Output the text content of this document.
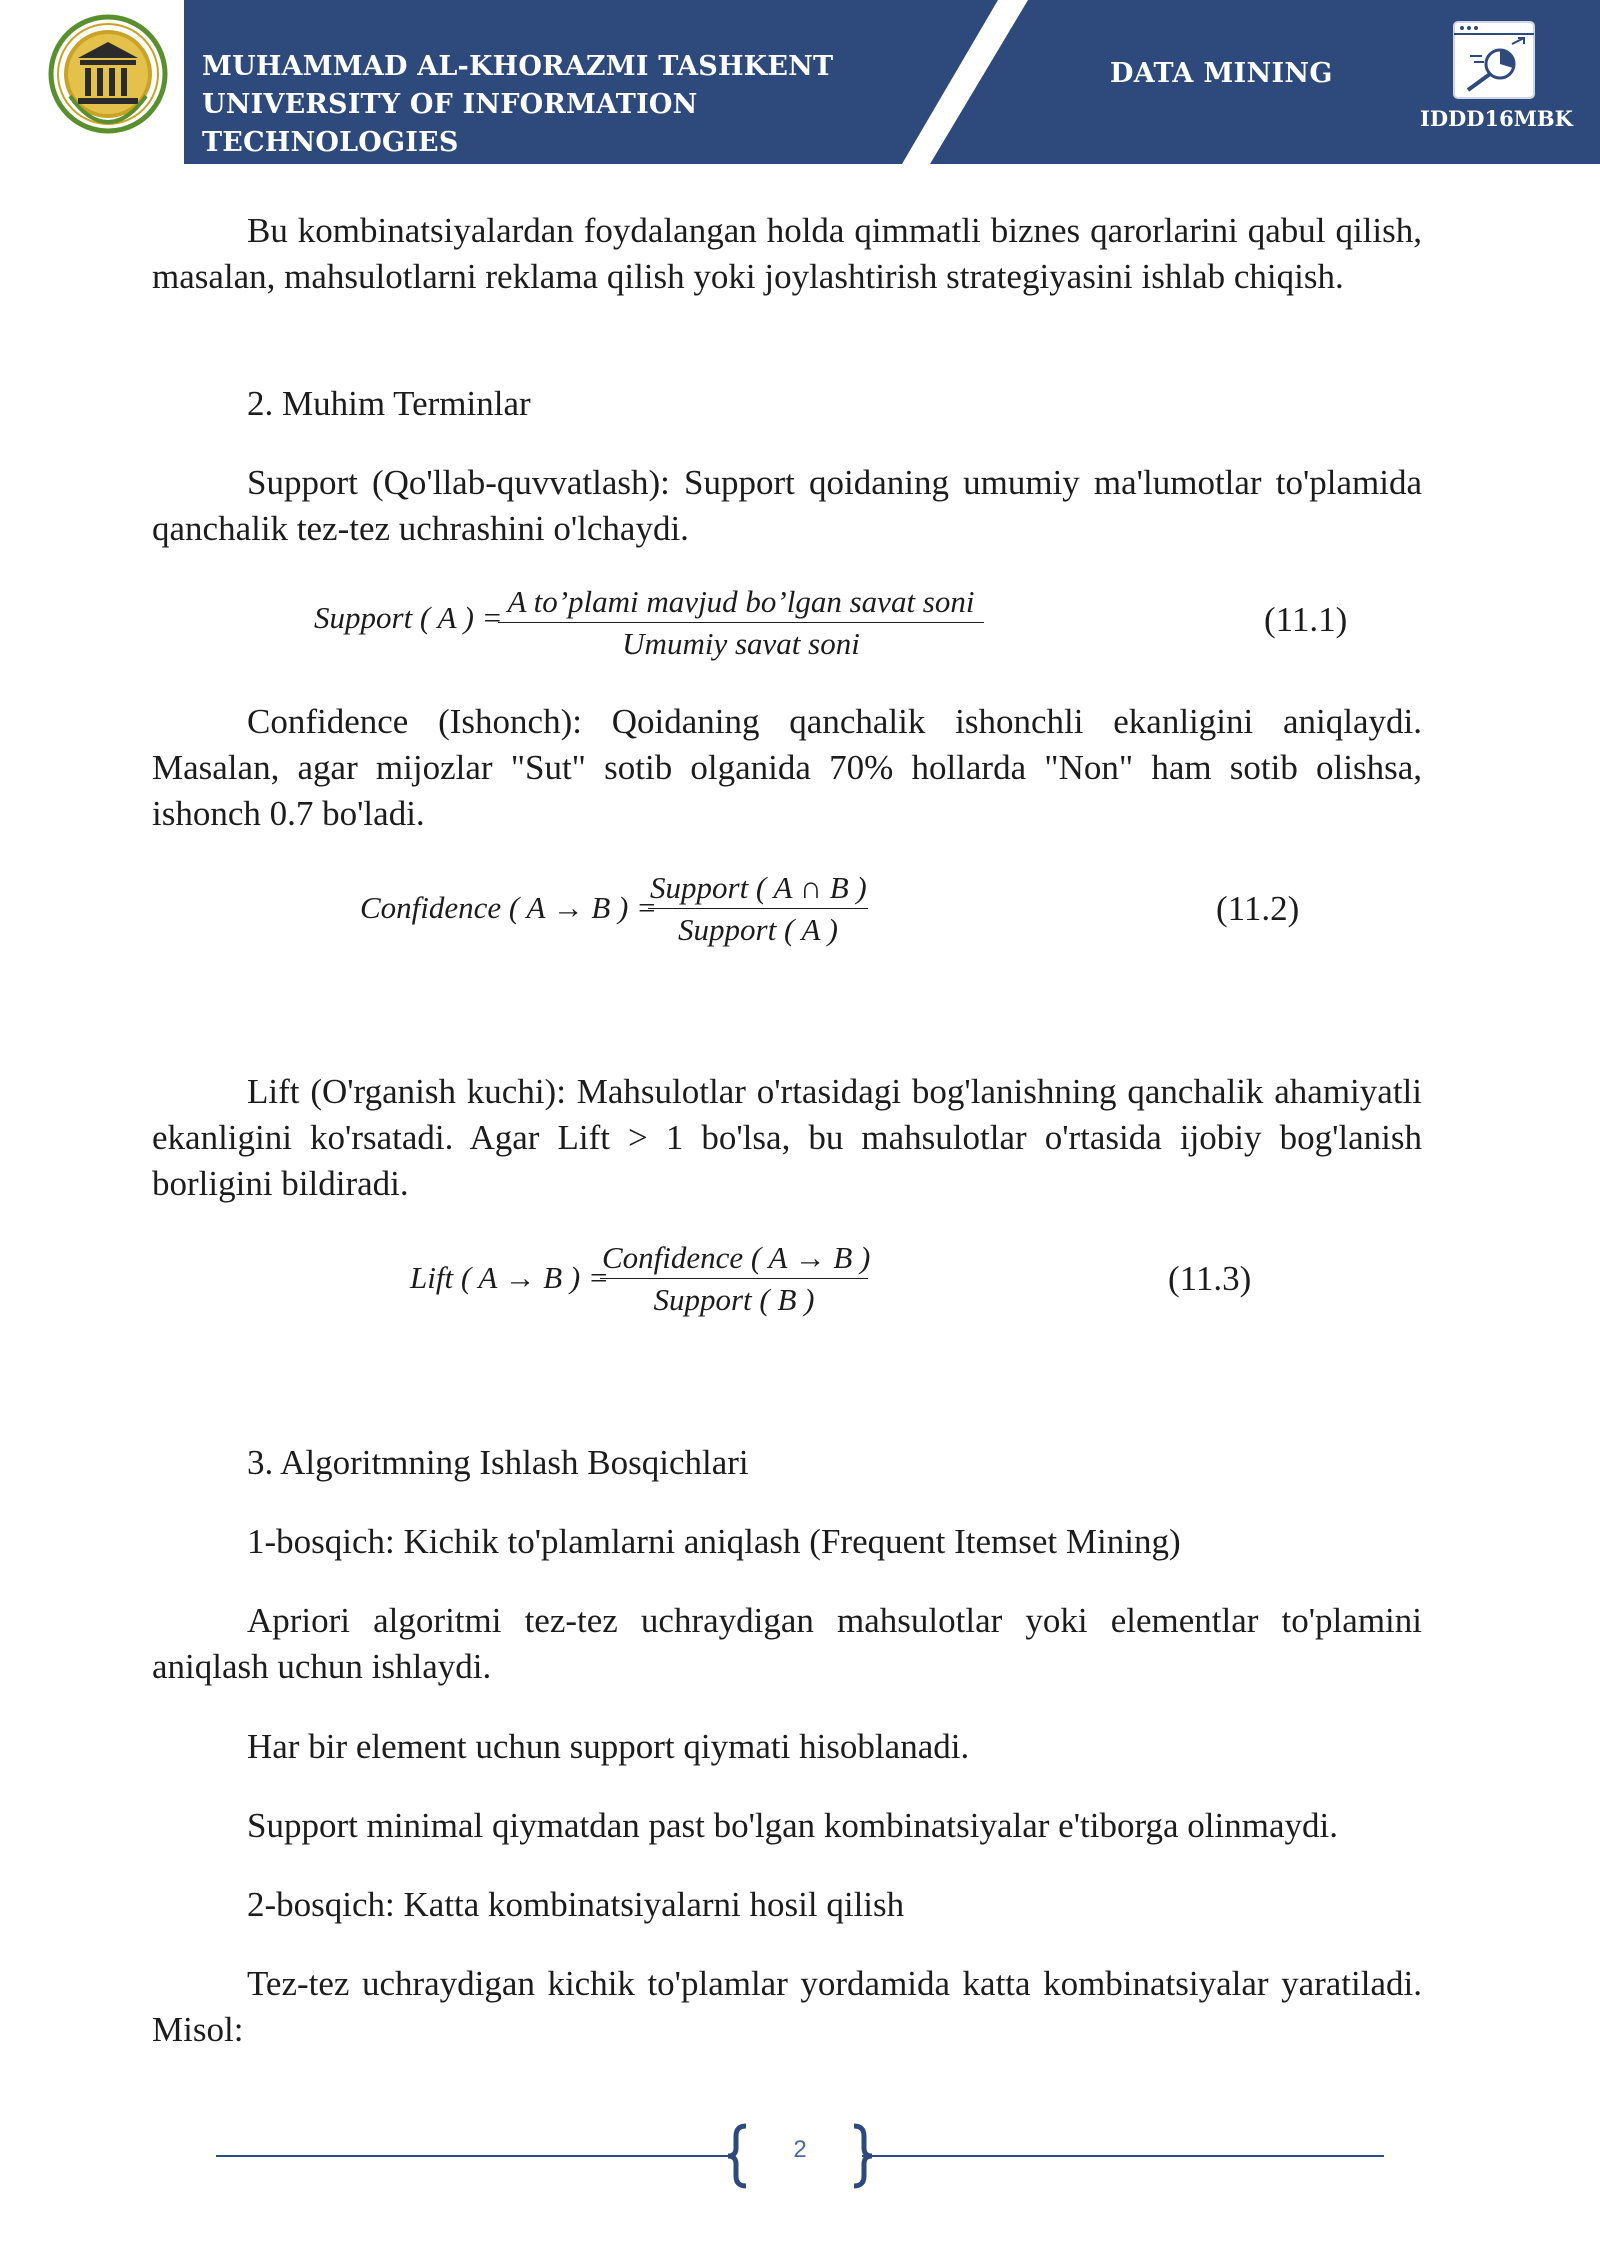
MUHAMMAD AL-KHORAZMI TASHKENT
UNIVERSITY OF INFORMATION TECHNOLOGIES
DATA MINING
IDDD16MBK

Bu kombinatsiyalardan foydalangan holda qimmatli biznes qarorlarini qabul qilish, masalan, mahsulotlarni reklama qilish yoki joylashtirish strategiyasini ishlab chiqish.

2. Muhim Terminlar

Support (Qo'llab-quvvatlash): Support qoidaning umumiy ma'lumotlar to'plamida qanchalik tez-tez uchrashini o'lchaydi.

Support ( A ) = A to’plami mavjud bo’lgan savat soni
Umumiy savat soni
(11.1)

Confidence (Ishonch): Qoidaning qanchalik ishonchli ekanligini aniqlaydi. Masalan, agar mijozlar "Sut" sotib olganida 70% hollarda "Non" ham sotib olishsa, ishonch 0.7 bo'ladi.

Confidence ( A → B ) =
Support ( A ∩ B )
Support ( A )
(11.2)

Lift (O'rganish kuchi): Mahsulotlar o'rtasidagi bog'lanishning qanchalik ahamiyatli ekanligini ko'rsatadi. Agar Lift > 1 bo'lsa, bu mahsulotlar o'rtasida ijobiy bog'lanish borligini bildiradi.

Lift ( A → B ) =
Confidence ( A → B )
Support ( B )
(11.3)

3. Algoritmning Ishlash Bosqichlari

1-bosqich: Kichik to'plamlarni aniqlash (Frequent Itemset Mining)

Apriori algoritmi tez-tez uchraydigan mahsulotlar yoki elementlar to'plamini aniqlash uchun ishlaydi.

Har bir element uchun support qiymati hisoblanadi.

Support minimal qiymatdan past bo'lgan kombinatsiyalar e'tiborga olinmaydi.

2-bosqich: Katta kombinatsiyalarni hosil qilish

Tez-tez uchraydigan kichik to'plamlar yordamida katta kombinatsiyalar yaratiladi. Misol:

2
